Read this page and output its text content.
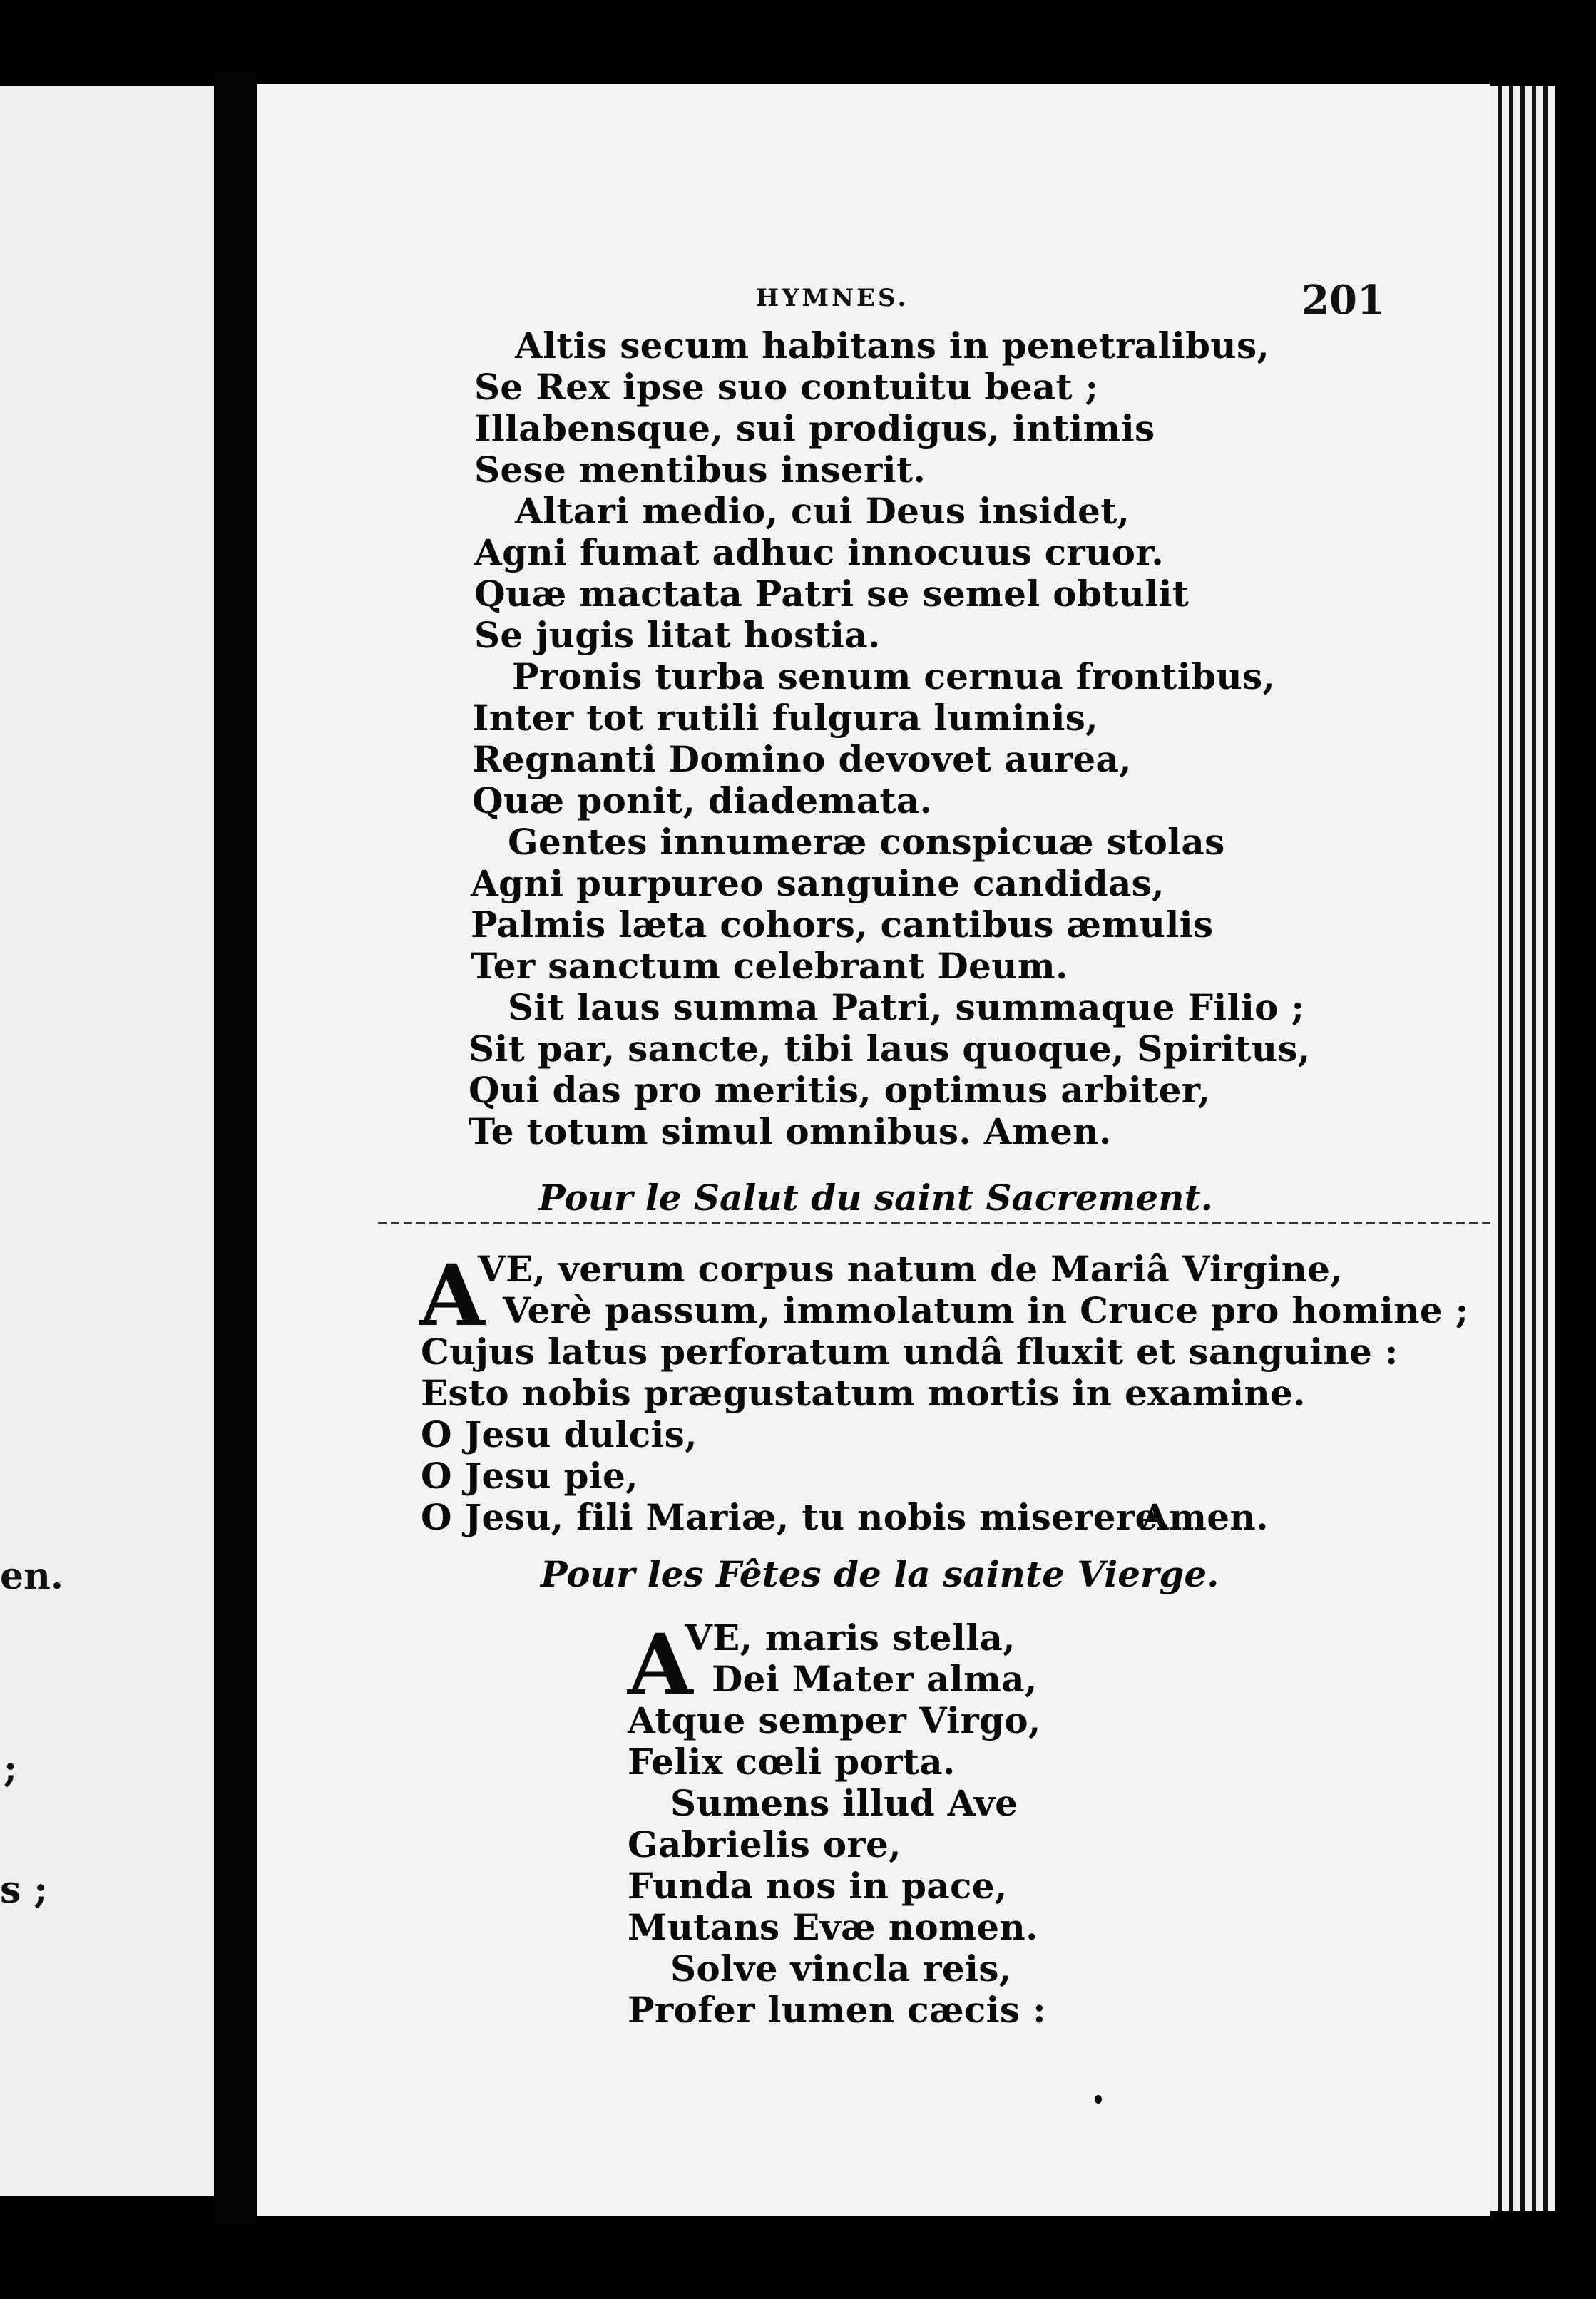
en.
;
s ;
HYMNES.	201
Altis secum habitans in penetralibus,
Se Rex ipse suo contuitu beat ;
Illabensque, sui prodigus, intimis
Sese mentibus inserit.
Altari medio, cui Deus insidet,
Agni fumat adhuc innocuus cruor.
Quæ mactata Patri se semel obtulit
Se jugis litat hostia.
Pronis turba senum cernua frontibus,
Inter tot rutili fulgura luminis,
Regnanti Domino devovet aurea,
Quæ ponit, diademata.
Gentes innumeræ conspicuæ stolas
Agni purpureo sanguine candidas,
Palmis læta cohors, cantibus æmulis
Ter sanctum celebrant Deum.
Sit laus summa Patri, summaque Filio ;
Sit par, sancte, tibi laus quoque, Spiritus,
Qui das pro meritis, optimus arbiter,
Te totum simul omnibus. Amen.
Pour le Salut du saint Sacrement.
A
VE, verum corpus natum de Mariâ Virgine,
Verè passum, immolatum in Cruce pro homine ;
Cujus latus perforatum undâ fluxit et sanguine :
Esto nobis prægustatum mortis in examine.
O Jesu dulcis,
O Jesu pie,
O Jesu, fili Mariæ, tu nobis miserere.
Amen.
Pour les Fêtes de la sainte Vierge.
A
VE, maris stella,
Dei Mater alma,
Atque semper Virgo,
Felix cœli porta.
Sumens illud Ave
Gabrielis ore,
Funda nos in pace,
Mutans Evæ nomen.
Solve vincla reis,
Profer lumen cæcis :
